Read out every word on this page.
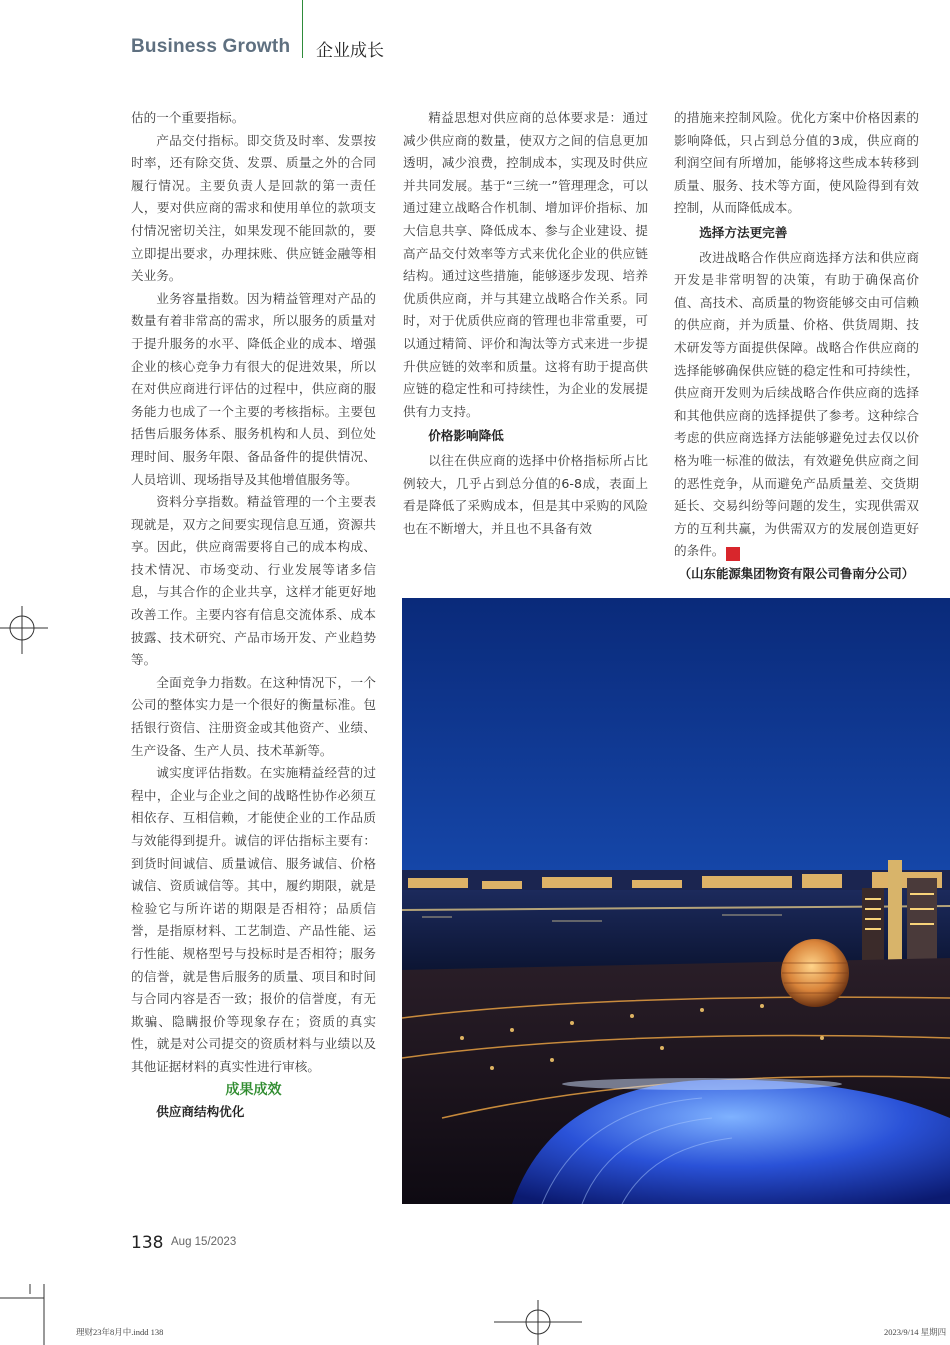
Business Growth 企业成长

估的一个重要指标。

产品交付指标。即交货及时率、发票按时率，还有除交货、发票、质量之外的合同履行情况。主要负责人是回款的第一责任人，要对供应商的需求和使用单位的款项支付情况密切关注，如果发现不能回款的，要立即提出要求，办理抹账、供应链金融等相关业务。

业务容量指数。因为精益管理对产品的数量有着非常高的需求，所以服务的质量对于提升服务的水平、降低企业的成本、增强企业的核心竞争力有很大的促进效果，所以在对供应商进行评估的过程中，供应商的服务能力也成了一个主要的考核指标。主要包括售后服务体系、服务机构和人员、到位处理时间、服务年限、备品备件的提供情况、人员培训、现场指导及其他增值服务等。

资料分享指数。精益管理的一个主要表现就是，双方之间要实现信息互通，资源共享。因此，供应商需要将自己的成本构成、技术情况、市场变动、行业发展等诸多信息，与其合作的企业共享，这样才能更好地改善工作。主要内容有信息交流体系、成本披露、技术研究、产品市场开发、产业趋势等。

全面竞争力指数。在这种情况下，一个公司的整体实力是一个很好的衡量标准。包括银行资信、注册资金或其他资产、业绩、生产设备、生产人员、技术革新等。

诚实度评估指数。在实施精益经营的过程中，企业与企业之间的战略性协作必须互相依存、互相信赖，才能使企业的工作品质与效能得到提升。诚信的评估指标主要有：到货时间诚信、质量诚信、服务诚信、价格诚信、资质诚信等。其中，履约期限，就是检验它与所许诺的期限是否相符；品质信誉，是指原材料、工艺制造、产品性能、运行性能、规格型号与投标时是否相符；服务的信誉，就是售后服务的质量、项目和时间与合同内容是否一致；报价的信誉度，有无欺骗、隐瞒报价等现象存在；资质的真实性，就是对公司提交的资质材料与业绩以及其他证据材料的真实性进行审核。

成果成效

供应商结构优化

精益思想对供应商的总体要求是：通过减少供应商的数量，使双方之间的信息更加透明，减少浪费，控制成本，实现及时供应并共同发展。基于“三统一”管理理念，可以通过建立战略合作机制、增加评价指标、加大信息共享、降低成本、参与企业建设、提高产品交付效率等方式来优化企业的供应链结构。通过这些措施，能够逐步发现、培养优质供应商，并与其建立战略合作关系。同时，对于优质供应商的管理也非常重要，可以通过精简、评价和淘汰等方式来进一步提升供应链的效率和质量。这将有助于提高供应链的稳定性和可持续性，为企业的发展提供有力支持。

价格影响降低

以往在供应商的选择中价格指标所占比例较大，几乎占到总分值的6-8成，表面上看是降低了采购成本，但是其中采购的风险也在不断增大，并且也不具备有效

的措施来控制风险。优化方案中价格因素的影响降低，只占到总分值的3成，供应商的利润空间有所增加，能够将这些成本转移到质量、服务、技术等方面，使风险得到有效控制，从而降低成本。

选择方法更完善

改进战略合作供应商选择方法和供应商开发是非常明智的决策，有助于确保高价值、高技术、高质量的物资能够交由可信赖的供应商，并为质量、价格、供货周期、技术研发等方面提供保障。战略合作供应商的选择能够确保供应链的稳定性和可持续性，供应商开发则为后续战略合作供应商的选择和其他供应商的选择提供了参考。这种综合考虑的供应商选择方法能够避免过去仅以价格为唯一标准的做法，有效避免供应商之间的恶性竞争，从而避免产品质量差、交货期延长、交易纠纷等问题的发生，实现供需双方的互利共赢，为供需双方的发展创造更好的条件。 L

（山东能源集团物资有限公司鲁南分公司）

138 Aug 15/2023
理财23年8月中.indd 138	2023/9/14 星期四
